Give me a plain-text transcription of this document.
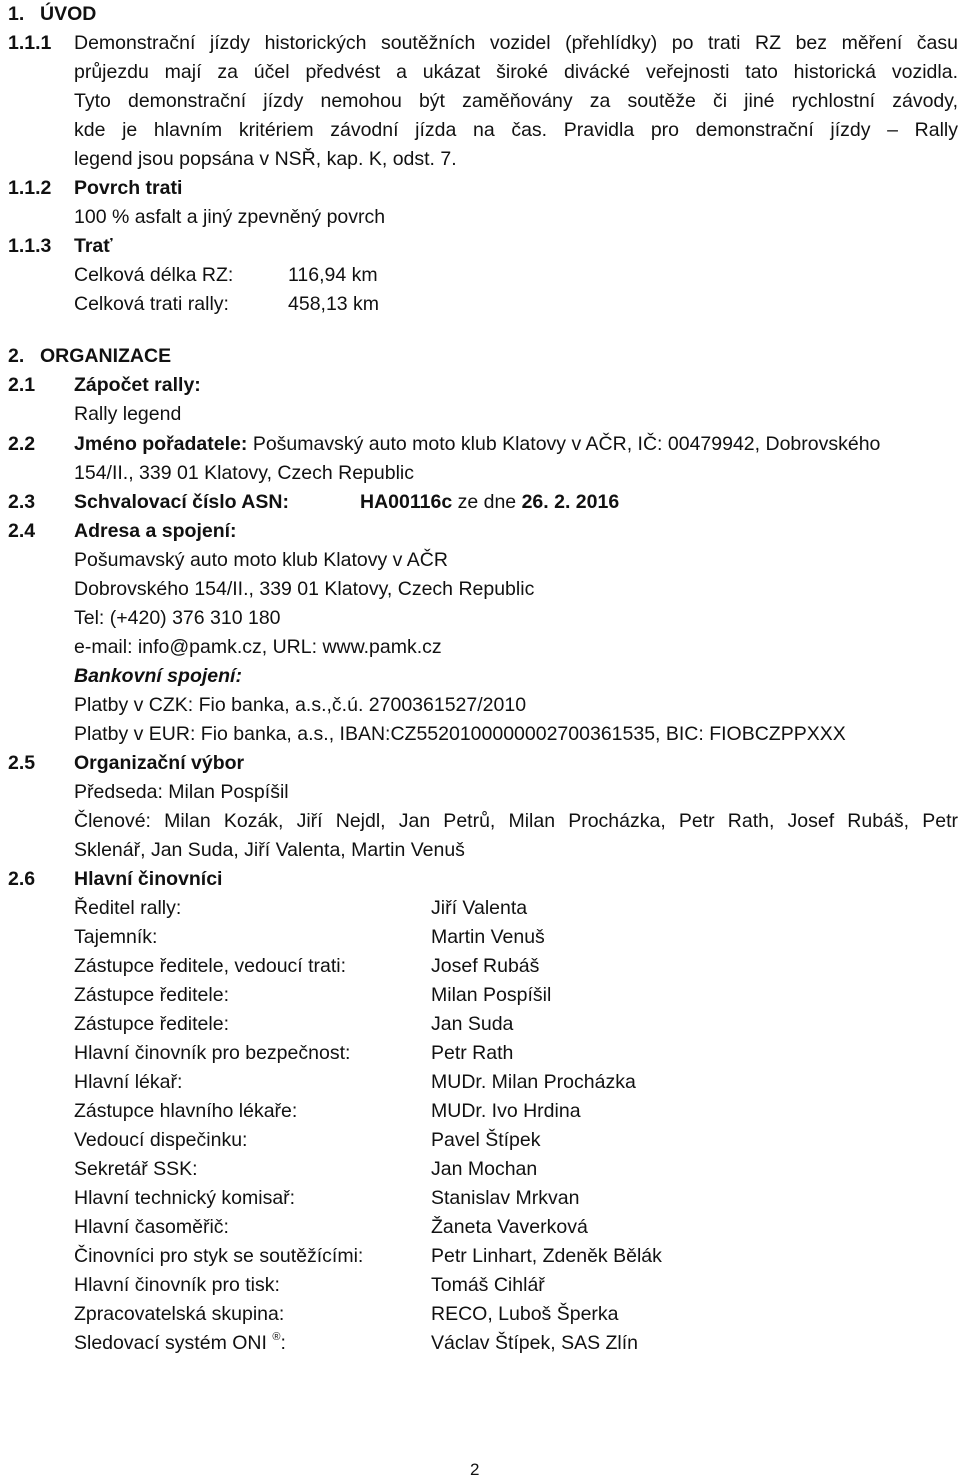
1. ÚVOD
1.1.1 Demonstrační jízdy historických soutěžních vozidel (přehlídky) po trati RZ bez měření času
průjezdu mají za účel předvést a ukázat široké divácké veřejnosti tato historická vozidla.
Tyto demonstrační jízdy nemohou být zaměňovány za soutěže či jiné rychlostní závody,
kde je hlavním kritériem závodní jízda na čas. Pravidla pro demonstrační jízdy – Rally
legend jsou popsána v NSŘ, kap. K, odst. 7.
1.1.2 Povrch trati
100 % asfalt a jiný zpevněný povrch
1.1.3 Trať
Celková délka RZ:	116,94 km
Celková trati rally:	458,13 km
2. ORGANIZACE
2.1 Zápočet rally:
Rally legend
2.2 Jméno pořadatele: Pošumavský auto moto klub Klatovy v AČR, IČ: 00479942, Dobrovského
154/II., 339 01 Klatovy, Czech Republic
2.3 Schvalovací číslo ASN:	HA00116c ze dne 26. 2. 2016
2.4 Adresa a spojení:
Pošumavský auto moto klub Klatovy v AČR
Dobrovského 154/II., 339 01 Klatovy, Czech Republic
Tel: (+420) 376 310 180
e-mail: info@pamk.cz, URL: www.pamk.cz
Bankovní spojení:
Platby v CZK: Fio banka, a.s.,č.ú. 2700361527/2010
Platby v EUR: Fio banka, a.s., IBAN:CZ5520100000002700361535, BIC: FIOBCZPPXXX
2.5 Organizační výbor
Předseda: Milan Pospíšil
Členové: Milan Kozák, Jiří Nejdl, Jan Petrů, Milan Procházka, Petr Rath, Josef Rubáš, Petr
Sklenář, Jan Suda, Jiří Valenta, Martin Venuš
2.6 Hlavní činovníci
Ředitel rally:	Jiří Valenta
Tajemník:	Martin Venuš
Zástupce ředitele, vedoucí trati:	Josef Rubáš
Zástupce ředitele:	Milan Pospíšil
Zástupce ředitele:	Jan Suda
Hlavní činovník pro bezpečnost:	Petr Rath
Hlavní lékař:	MUDr. Milan Procházka
Zástupce hlavního lékaře:	MUDr. Ivo Hrdina
Vedoucí dispečinku:	Pavel Štípek
Sekretář SSK:	Jan Mochan
Hlavní technický komisař:	Stanislav Mrkvan
Hlavní časoměřič:	Žaneta Vaverková
Činovníci pro styk se soutěžícími:	Petr Linhart, Zdeněk Bělák
Hlavní činovník pro tisk:	Tomáš Cihlář
Zpracovatelská skupina:	RECO, Luboš Šperka
Sledovací systém ONI ®:	Václav Štípek, SAS Zlín
2
